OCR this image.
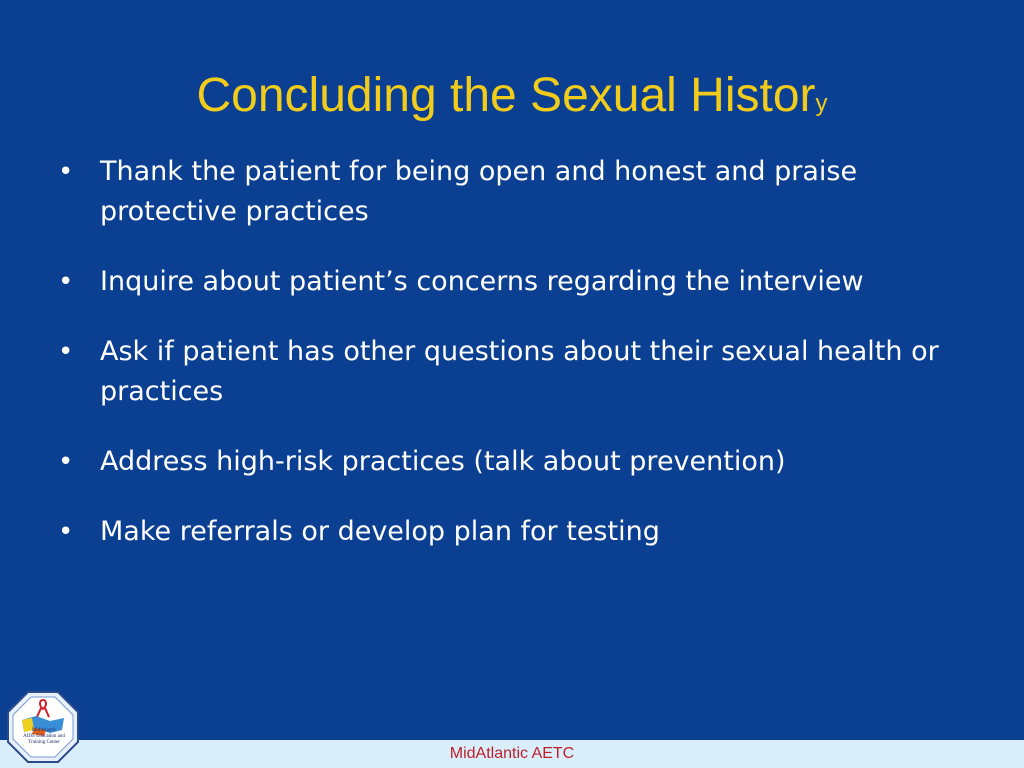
Concluding the Sexual History
• Thank the patient for being open and honest and praise protective practices
• Inquire about patient’s concerns regarding the interview
• Ask if patient has other questions about their sexual health or practices
• Address high-risk practices (talk about prevention)
• Make referrals or develop plan for testing
MidAtlantic AETC
MidAtlantic
AIDS Education and
Training Center
